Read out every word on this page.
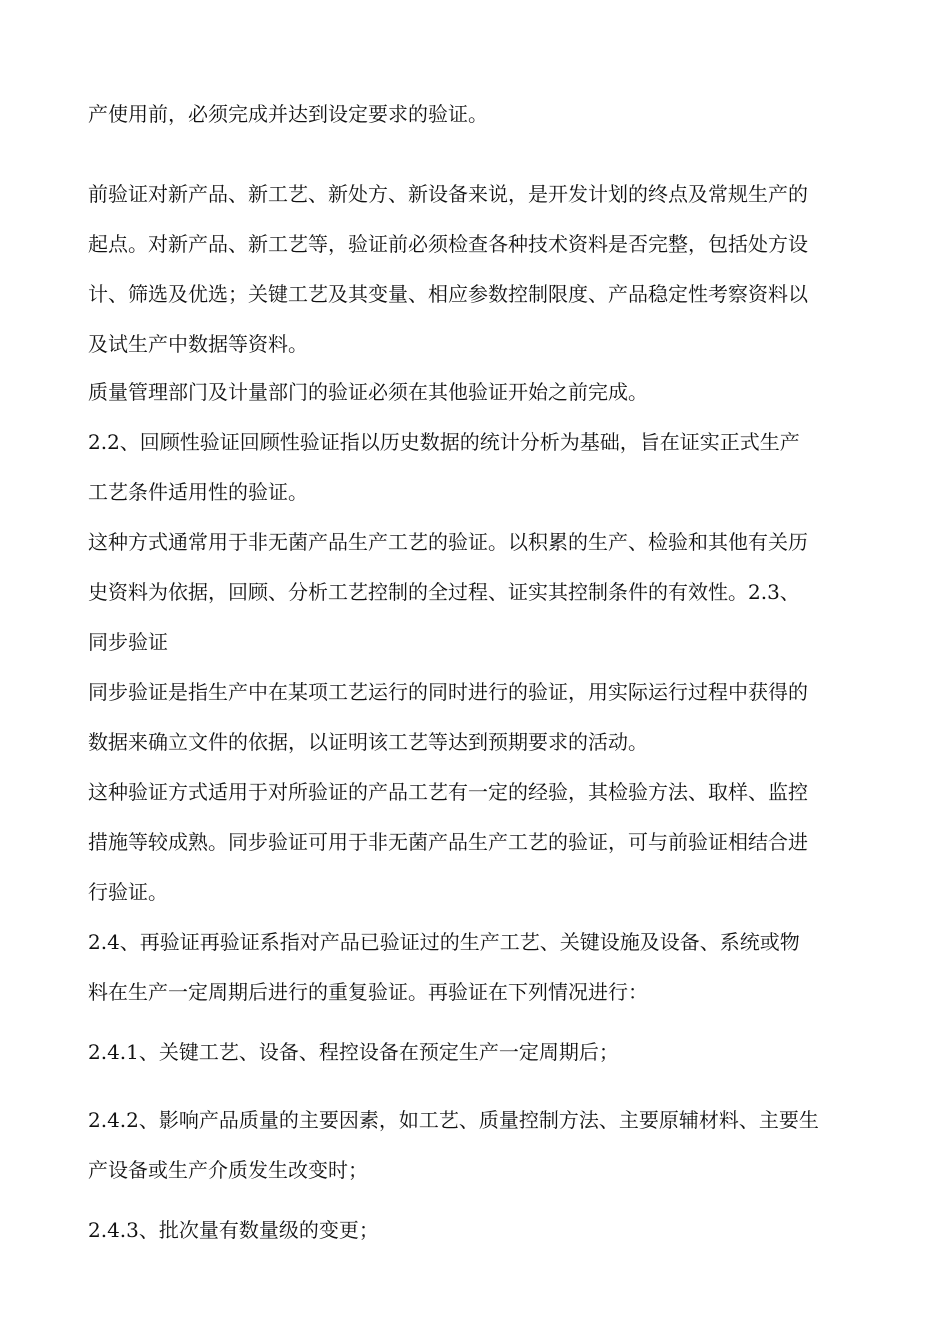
产使用前，必须完成并达到设定要求的验证。

前验证对新产品、新工艺、新处方、新设备来说，是开发计划的终点及常规生产的

起点。对新产品、新工艺等，验证前必须检查各种技术资料是否完整，包括处方设

计、筛选及优选；关键工艺及其变量、相应参数控制限度、产品稳定性考察资料以

及试生产中数据等资料。

质量管理部门及计量部门的验证必须在其他验证开始之前完成。

2.2、回顾性验证回顾性验证指以历史数据的统计分析为基础，旨在证实正式生产

工艺条件适用性的验证。

这种方式通常用于非无菌产品生产工艺的验证。以积累的生产、检验和其他有关历

史资料为依据，回顾、分析工艺控制的全过程、证实其控制条件的有效性。2.3、

同步验证

同步验证是指生产中在某项工艺运行的同时进行的验证，用实际运行过程中获得的

数据来确立文件的依据，以证明该工艺等达到预期要求的活动。

这种验证方式适用于对所验证的产品工艺有一定的经验，其检验方法、取样、监控

措施等较成熟。同步验证可用于非无菌产品生产工艺的验证，可与前验证相结合进

行验证。

2.4、再验证再验证系指对产品已验证过的生产工艺、关键设施及设备、系统或物

料在生产一定周期后进行的重复验证。再验证在下列情况进行：

2.4.1、关键工艺、设备、程控设备在预定生产一定周期后；

2.4.2、影响产品质量的主要因素，如工艺、质量控制方法、主要原辅材料、主要生

产设备或生产介质发生改变时；

2.4.3、批次量有数量级的变更；
